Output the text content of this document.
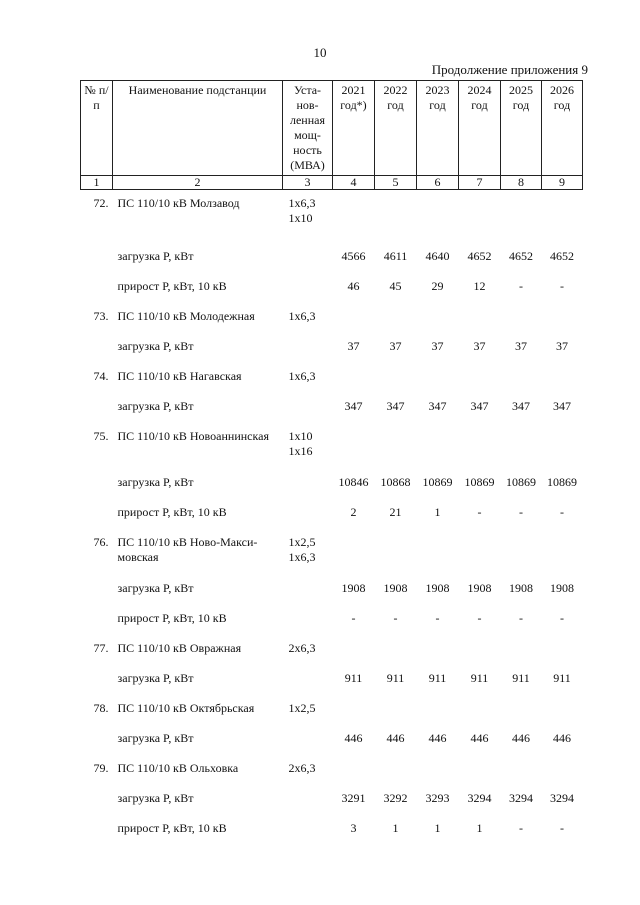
10
Продолжение приложения 9
№ п/п	Наименование подстанции	Уста- нов- ленная мощ- ность (МВА)	2021 год*)	2022 год	2023 год	2024 год	2025 год	2026 год
1	2	3	4	5	6	7	8	9
72.	ПС 110/10 кВ Молзавод	1x6,3 1x10						
	загрузка P, кВт		4566	4611	4640	4652	4652	4652
	прирост P, кВт, 10 кВ		46	45	29	12	-	-
73.	ПС 110/10 кВ Молодежная	1x6,3						
	загрузка P, кВт		37	37	37	37	37	37
74.	ПС 110/10 кВ Нагавская	1x6,3						
	загрузка P, кВт		347	347	347	347	347	347
75.	ПС 110/10 кВ Новоаннинская	1x10 1x16						
	загрузка P, кВт		10846	10868	10869	10869	10869	10869
	прирост P, кВт, 10 кВ		2	21	1	-	-	-
76.	ПС 110/10 кВ Ново-Макси- мовская	1x2,5 1x6,3						
	загрузка P, кВт		1908	1908	1908	1908	1908	1908
	прирост P, кВт, 10 кВ		-	-	-	-	-	-
77.	ПС 110/10 кВ Овражная	2x6,3						
	загрузка P, кВт		911	911	911	911	911	911
78.	ПС 110/10 кВ Октябрьская	1x2,5						
	загрузка P, кВт		446	446	446	446	446	446
79.	ПС 110/10 кВ Ольховка	2x6,3						
	загрузка P, кВт		3291	3292	3293	3294	3294	3294
	прирост P, кВт, 10 кВ		3	1	1	1	-	-
